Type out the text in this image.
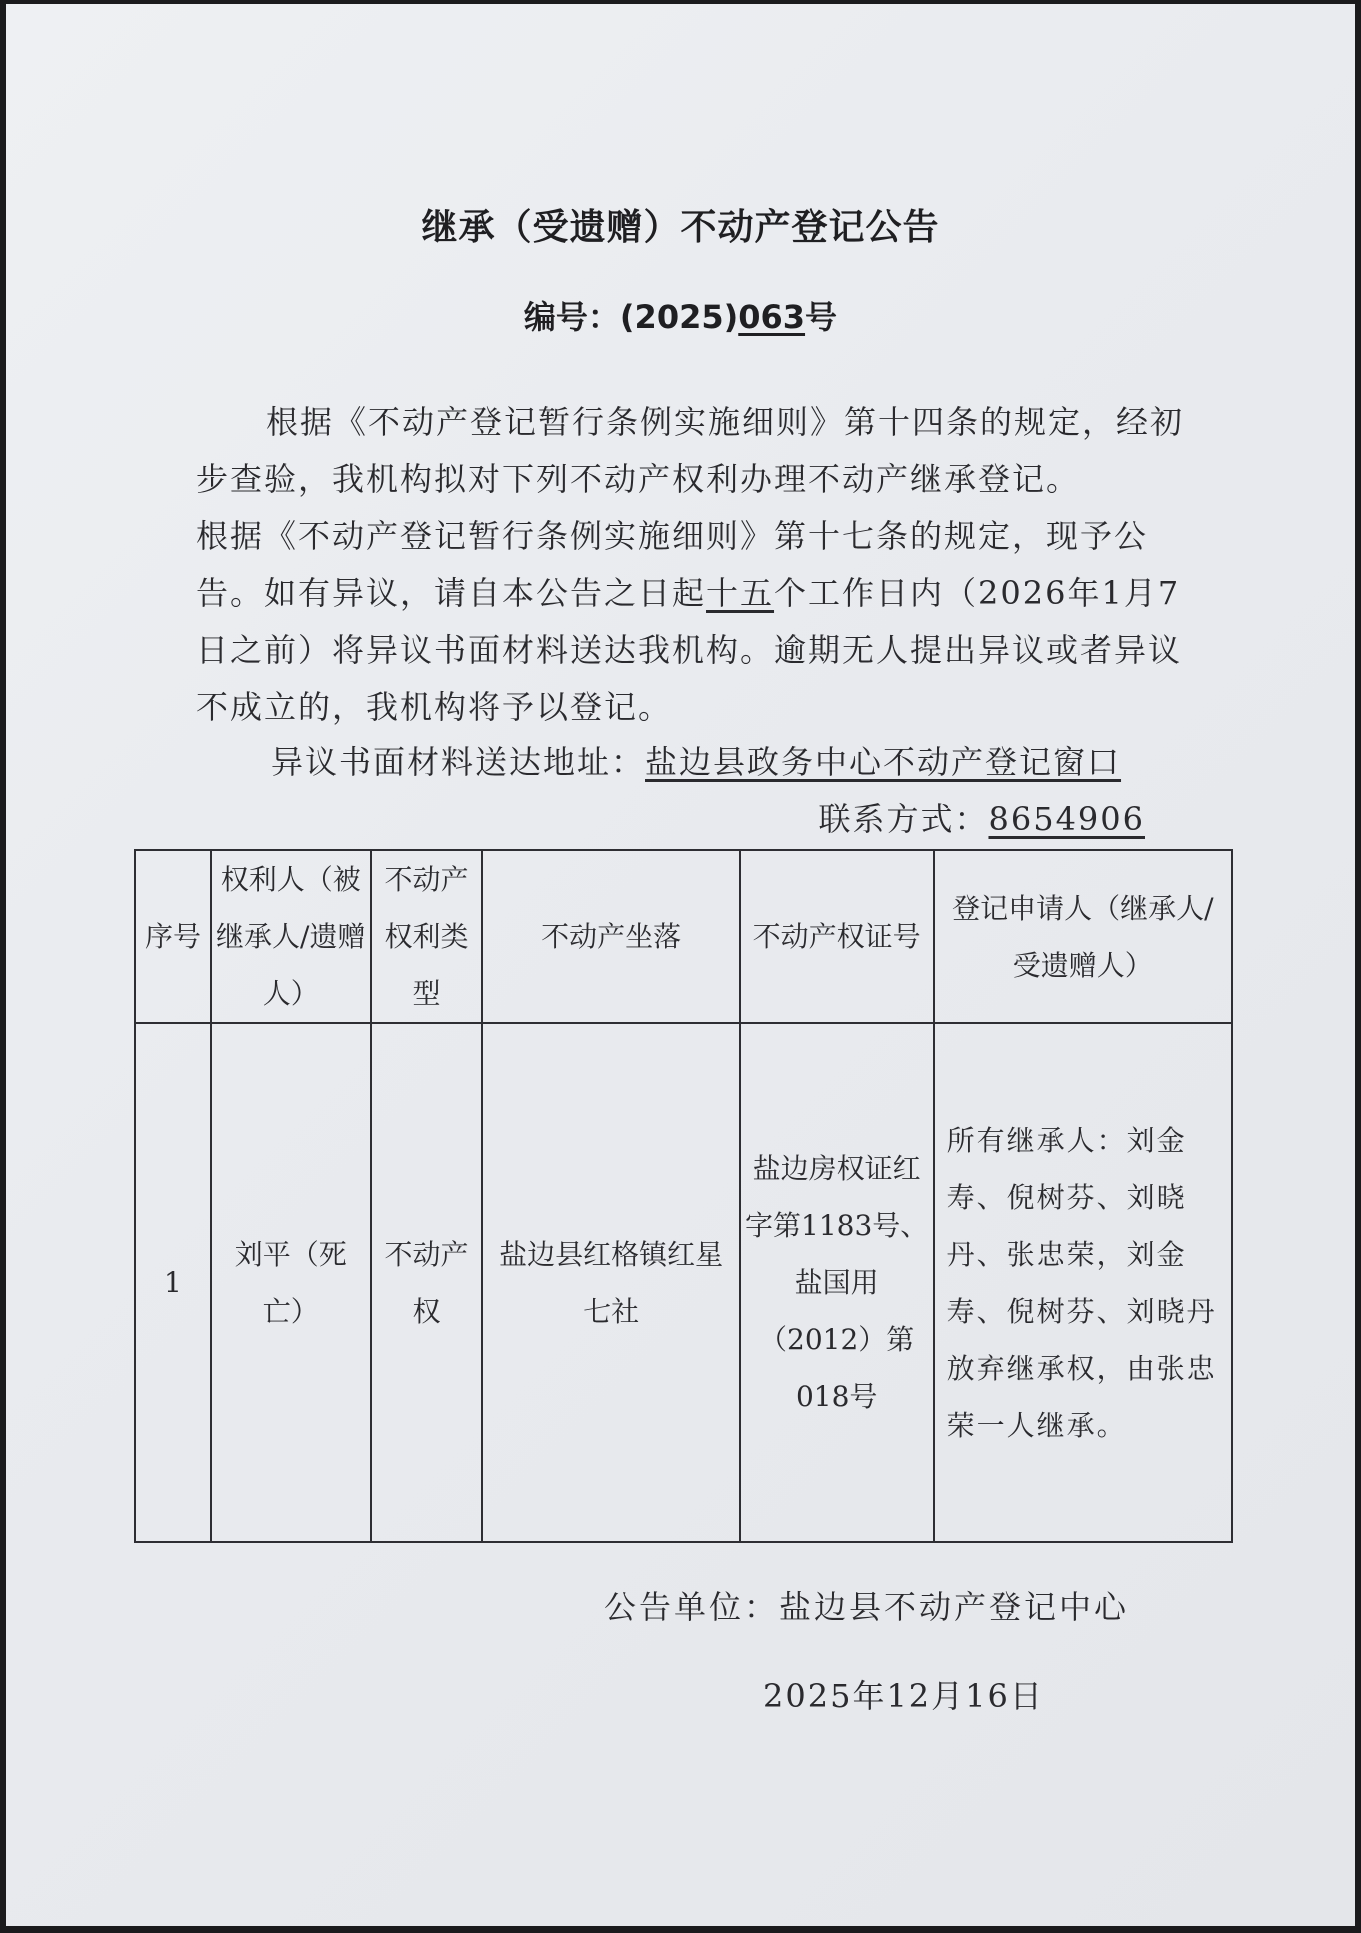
继承（受遗赠）不动产登记公告
编号：(2025)063号

根据《不动产登记暂行条例实施细则》第十四条的规定，经初步查验，我机构拟对下列不动产权利办理不动产继承登记。

根据《不动产登记暂行条例实施细则》第十七条的规定，现予公告。如有异议，请自本公告之日起十五个工作日内（2026年1月7日之前）将异议书面材料送达我机构。逾期无人提出异议或者异议不成立的，我机构将予以登记。

异议书面材料送达地址：盐边县政务中心不动产登记窗口
联系方式：8654906
序号	权利人（被继承人/遗赠人）	不动产权利类型	不动产坐落	不动产权证号	登记申请人（继承人/受遗赠人）
1	刘平（死亡）	不动产权	盐边县红格镇红星七社	盐边房权证红字第1183号、盐国用（2012）第018号	所有继承人：刘金寿、倪树芬、刘晓丹、张忠荣，刘金寿、倪树芬、刘晓丹放弃继承权，由张忠荣一人继承。
公告单位：盐边县不动产登记中心
2025年12月16日
